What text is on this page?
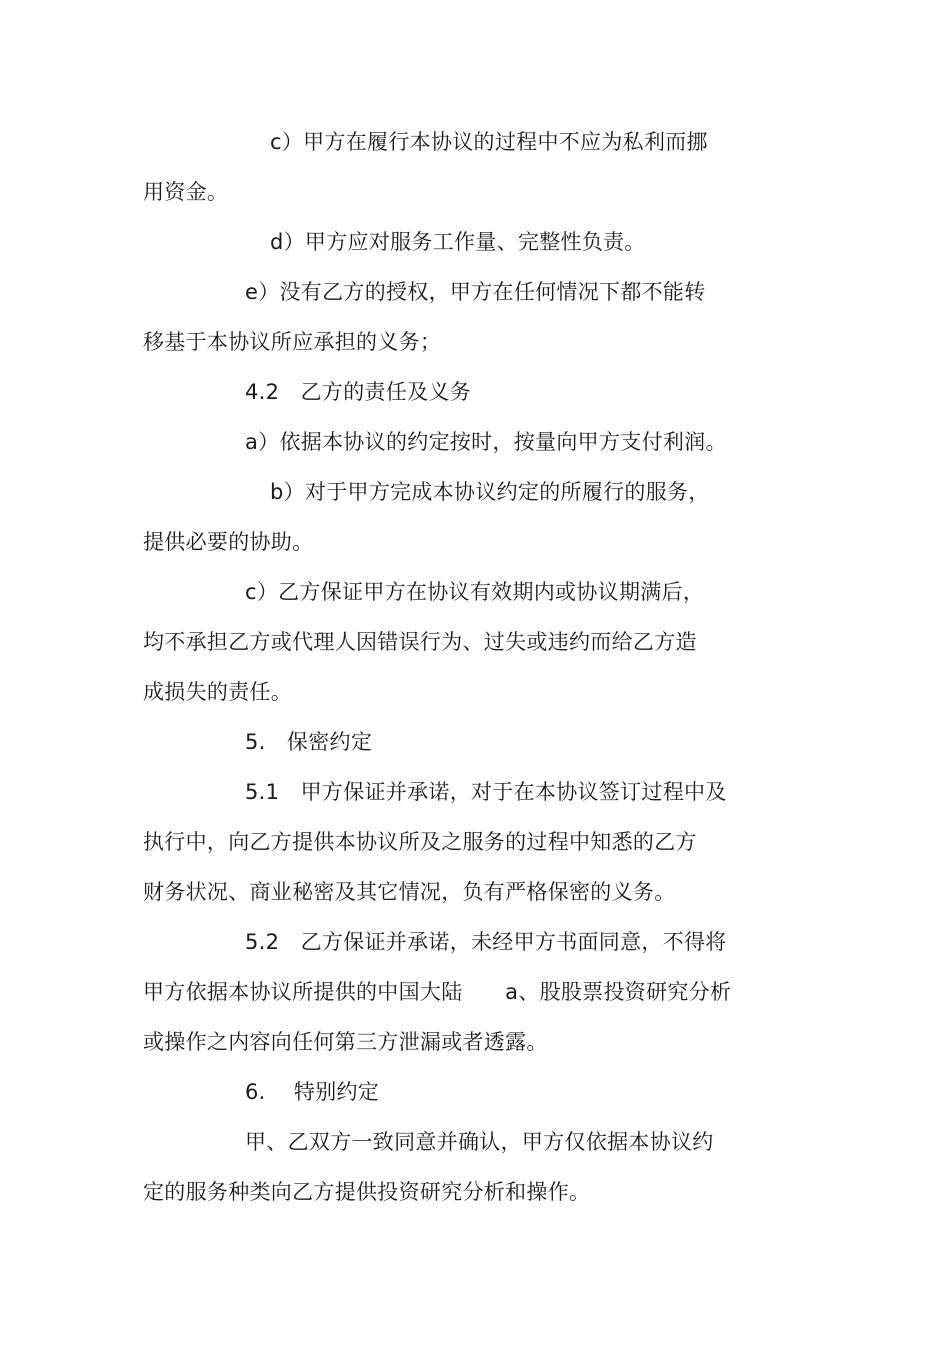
c）甲方在履行本协议的过程中不应为私利而挪
用资金。
d）甲方应对服务工作量、完整性负责。
e）没有乙方的授权，甲方在任何情况下都不能转
移基于本协议所应承担的义务；
4.2　乙方的责任及义务
a）依据本协议的约定按时，按量向甲方支付利润。
b）对于甲方完成本协议约定的所履行的服务，
提供必要的协助。
c）乙方保证甲方在协议有效期内或协议期满后，
均不承担乙方或代理人因错误行为、过失或违约而给乙方造
成损失的责任。
5.　保密约定
5.1　甲方保证并承诺，对于在本协议签订过程中及
执行中，向乙方提供本协议所及之服务的过程中知悉的乙方
财务状况、商业秘密及其它情况，负有严格保密的义务。
5.2　乙方保证并承诺，未经甲方书面同意，不得将
甲方依据本协议所提供的中国大陆　　a、股股票投资研究分析
或操作之内容向任何第三方泄漏或者透露。
6.　 特别约定
甲、乙双方一致同意并确认，甲方仅依据本协议约
定的服务种类向乙方提供投资研究分析和操作。
